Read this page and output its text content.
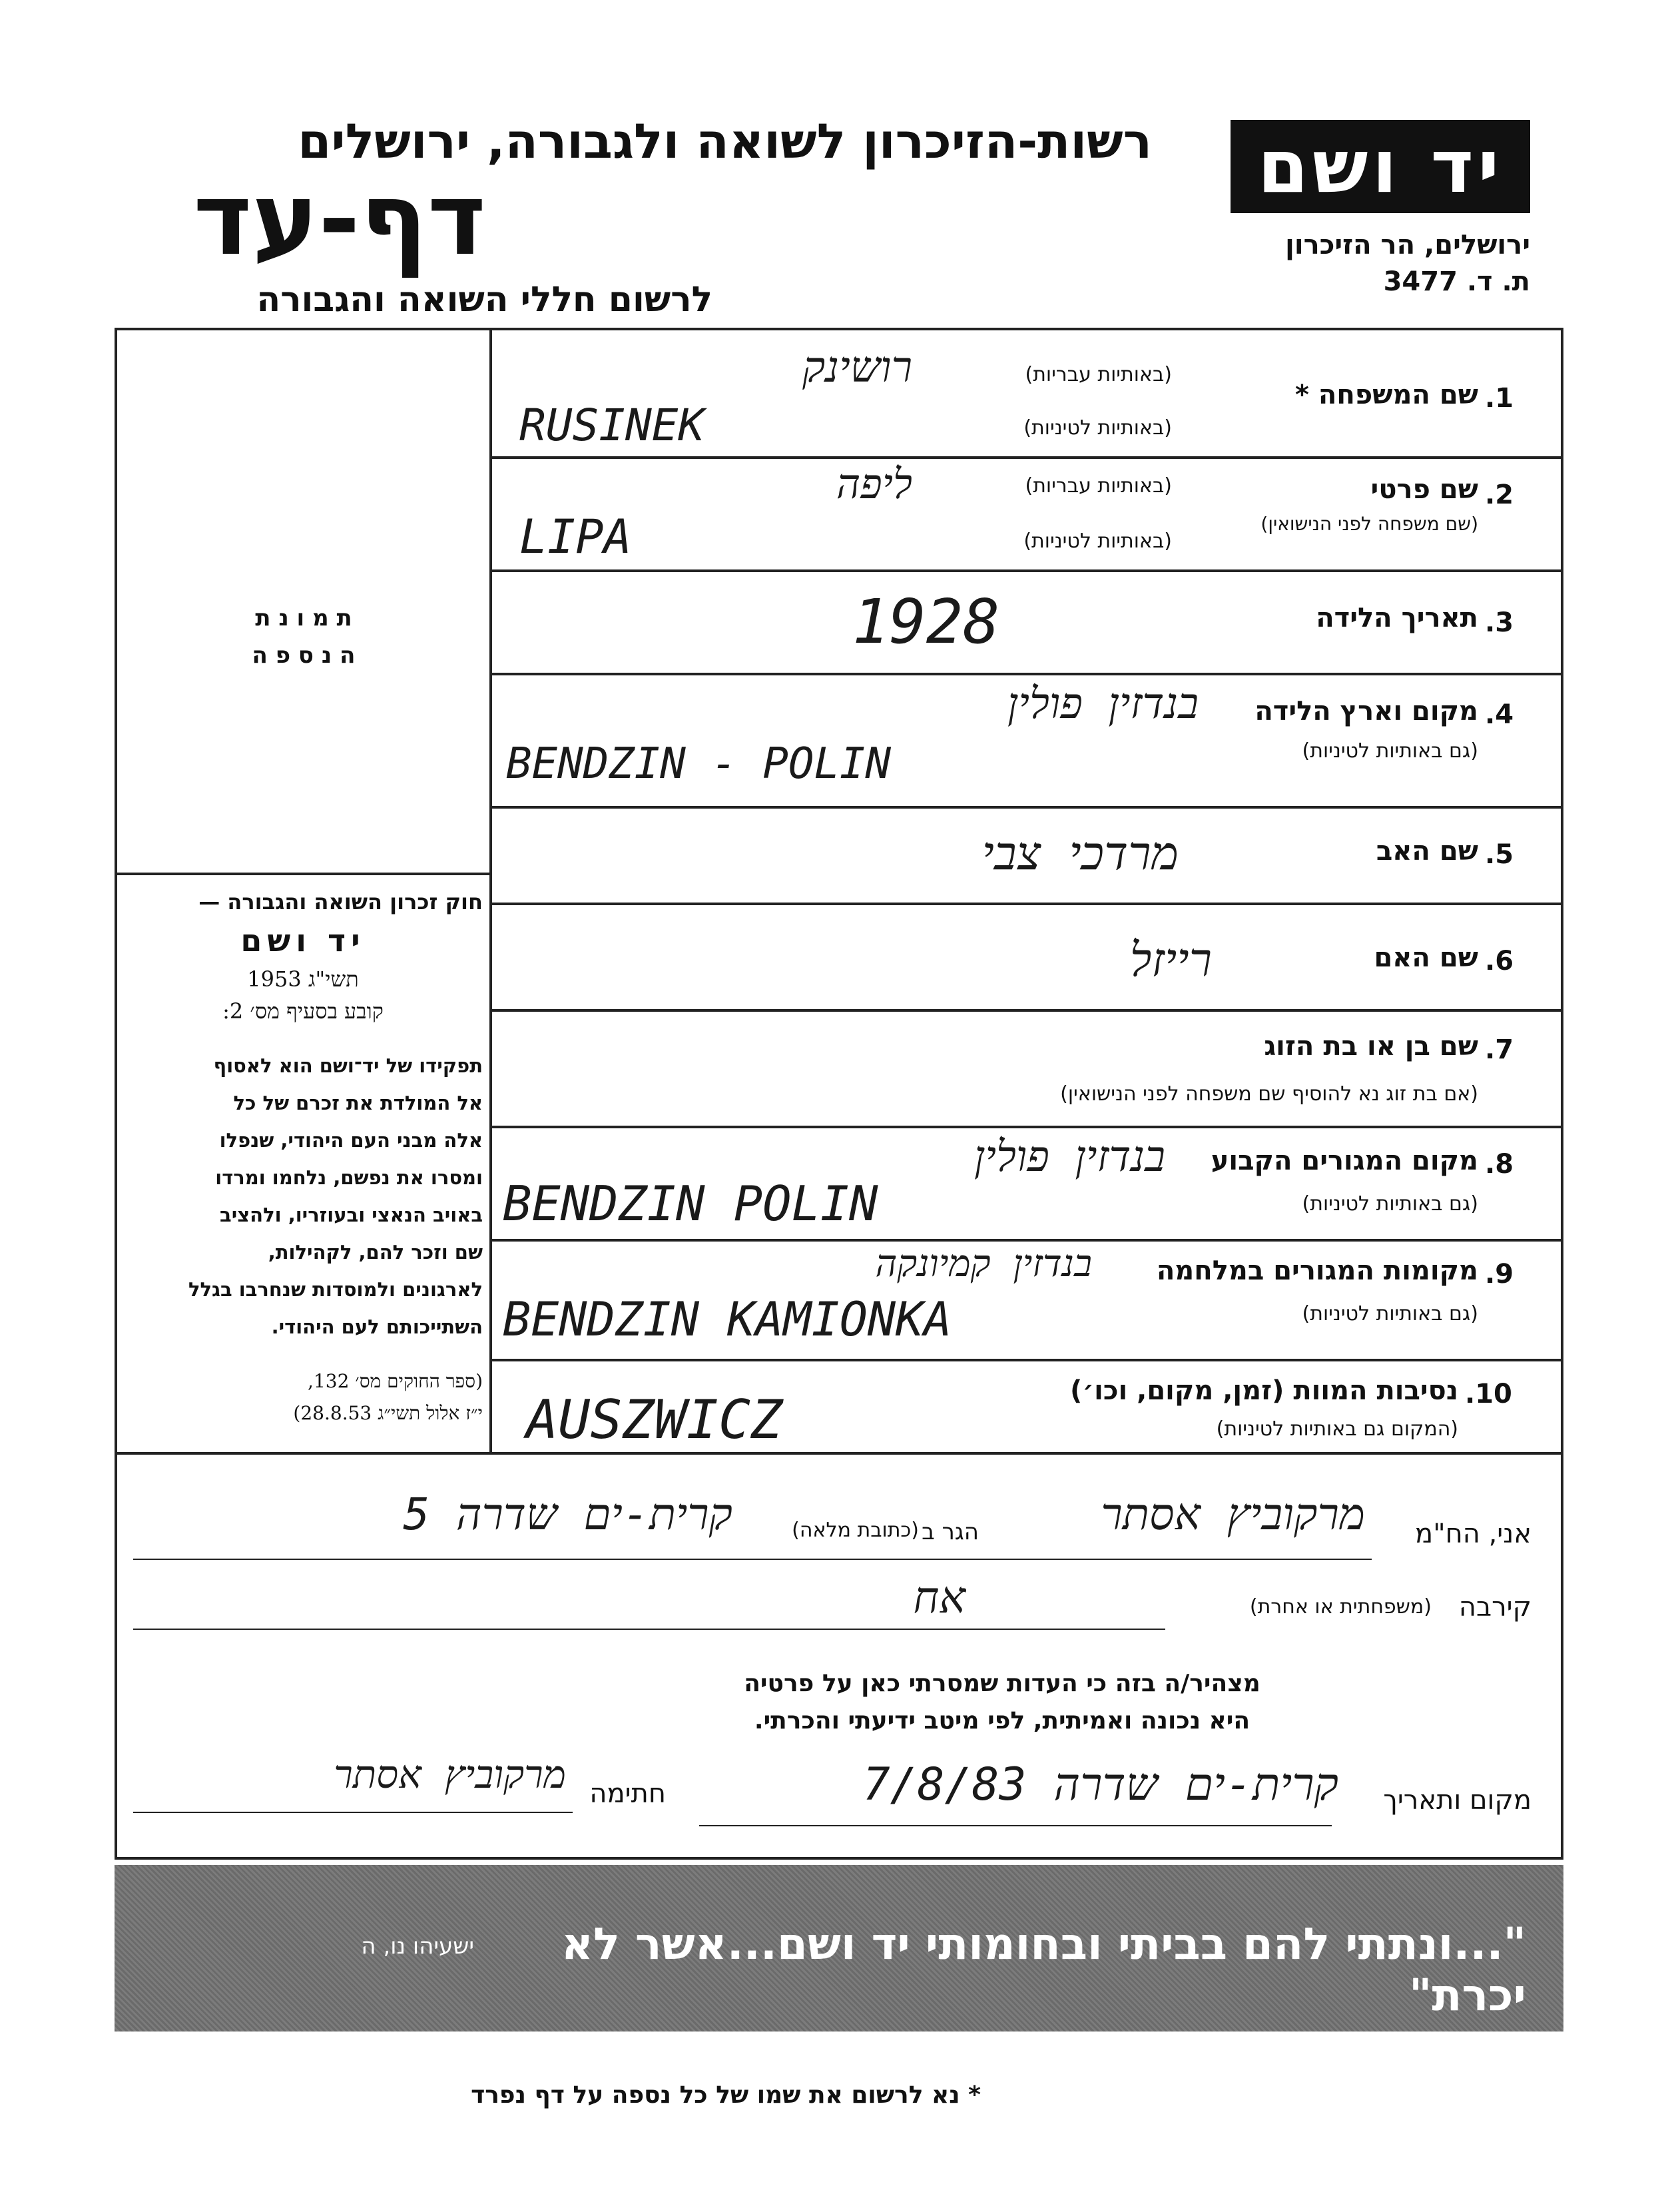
יד ושם
ירושלים, הר הזיכרון
ת. ד. 3477
רשות-הזיכרון לשואה ולגבורה, ירושלים
דף-עד
לרשום חללי השואה והגבורה
ת מ ו נ ת
ה נ ס פ ה

חוק זכרון השואה והגבורה —

יד ושם

תשי"ג 1953

קובע בסעיף מס׳ 2:

תפקידו של יד־ושם הוא לאסוף
אל המולדת את זכרם של כל
אלה מבני העם היהודי, שנפלו
ומסרו את נפשם, נלחמו ומרדו
באויב הנאצי ובעוזריו, ולהציב
שם וזכר להם, לקהילות,
לארגונים ולמוסדות שנחרבו בגלל
השתייכותם לעם היהודי.

(ספר החוקים מס׳ 132,

י״ז אלול תשי״ג 28.8.53)

.1
שם המשפחה *
(באותיות עבריות)
(באותיות לטיניות)
רושינק
RUSINEK
.2
שם פרטי
(שם משפחה לפני הנישואין)
(באותיות עבריות)
(באותיות לטיניות)
ליפה
LIPA
.3
תאריך הלידה
1928
.4
מקום וארץ הלידה
(גם באותיות לטיניות)
בנדזין פולין
BENDZIN - POLIN
.5
שם האב
מרדכי צבי
.6
שם האם
רייזל
.7
שם בן או בת הזוג
(אם בת זוג נא להוסיף שם משפחה לפני הנישואין)
.8
מקום המגורים הקבוע
(גם באותיות לטיניות)
בנדזין פולין
BENDZIN POLIN
.9
מקומות המגורים במלחמה
(גם באותיות לטיניות)
בנדזין קמיונקה
BENDZIN KAMIONKA
.10
נסיבות המוות (זמן, מקום, וכו׳)
(המקום גם באותיות לטיניות)
AUSZWICZ
אני, הח"מ
מרקוביץ אסתר
הגר ב
(כתובת מלאה)
קרית-ים שדרה 5
קירבה
(משפחתית או אחרת)
אח
מצהיר/ה בזה כי העדות שמסרתי כאן על פרטיה
היא נכונה ואמיתית, לפי מיטב ידיעתי והכרתי.
מקום ותאריך
קרית-ים שדרה 7/8/83
חתימה
מרקוביץ אסתר
"...ונתתי להם בביתי ובחומותי יד ושם...אשר לא יכרת"
ישעיהו נו, ה
* נא לרשום את שמו של כל נספה על דף נפרד
